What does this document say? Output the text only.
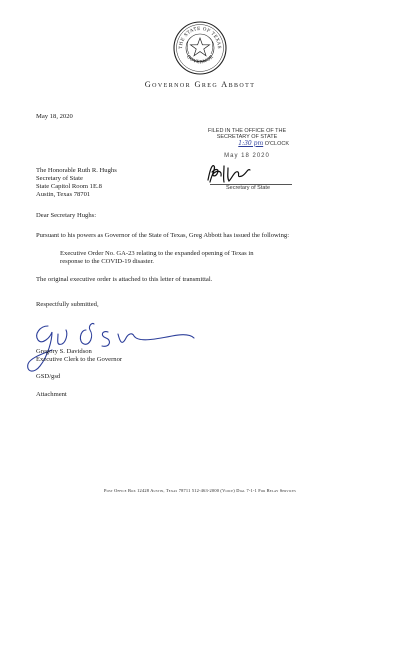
THE STATE OF TEXAS
GOVERNOR
Governor Greg Abbott
May 18, 2020
FILED IN THE OFFICE OF THE
SECRETARY OF STATE
1:30 pm O'CLOCK
May 18 2020
Secretary of State
The Honorable Ruth R. Hughs
Secretary of State
State Capitol Room 1E.8
Austin, Texas 78701
Dear Secretary Hughs:
Pursuant to his powers as Governor of the State of Texas, Greg Abbott has issued the following:
Executive Order No. GA-23 relating to the expanded opening of Texas in
response to the COVID-19 disaster.
The original executive order is attached to this letter of transmittal.
Respectfully submitted,
Gregory S. Davidson
Executive Clerk to the Governor
GSD/gsd
Attachment
Post Office Box 12428 Austin, Texas 78711 512-463-2000 (Voice) Dial 7-1-1 For Relay Services
